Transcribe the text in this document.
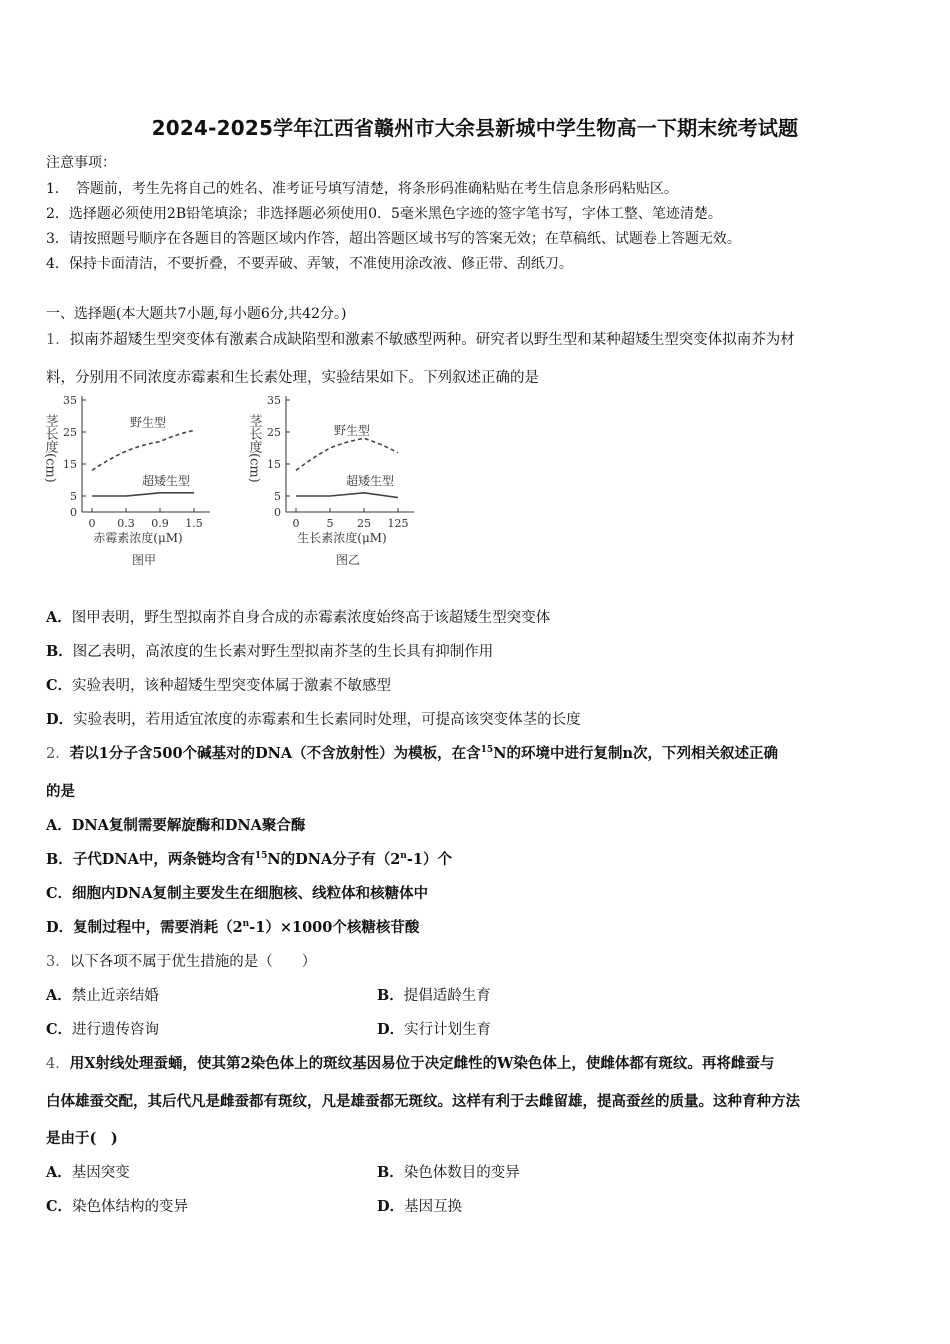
2024-2025学年江西省赣州市大余县新城中学生物高一下期末统考试题
注意事项：
1．　答题前，考生先将自己的姓名、准考证号填写清楚，将条形码准确粘贴在考生信息条形码粘贴区。
2．选择题必须使用2B铅笔填涂；非选择题必须使用0．5毫米黑色字迹的签字笔书写，字体工整、笔迹清楚。
3．请按照题号顺序在各题目的答题区域内作答，超出答题区域书写的答案无效；在草稿纸、试题卷上答题无效。
4．保持卡面清洁，不要折叠，不要弄破、弄皱，不准使用涂改液、修正带、刮纸刀。
一、选择题(本大题共7小题,每小题6分,共42分。)
1．拟南芥超矮生型突变体有激素合成缺陷型和激素不敏感型两种。研究者以野生型和某种超矮生型突变体拟南芥为材
料，分别用不同浓度赤霉素和生长素处理，实验结果如下。下列叙述正确的是
0
5
15
25
35
0 0.3 0.9 1.5
茎长度(cm)
赤霉素浓度(μM)
图甲
野生型
超矮生型
0
5
15
25
35
0 5 25 125
茎长度(cm)
生长素浓度(μM)
图乙
野生型
超矮生型
A．图甲表明，野生型拟南芥自身合成的赤霉素浓度始终高于该超矮生型突变体
B．图乙表明，高浓度的生长素对野生型拟南芥茎的生长具有抑制作用
C．实验表明，该种超矮生型突变体属于激素不敏感型
D．实验表明，若用适宜浓度的赤霉素和生长素同时处理，可提高该突变体茎的长度
2．若以1分子含500个碱基对的DNA（不含放射性）为模板，在含$^{15}$N的环境中进行复制n次，下列相关叙述正确
的是
A．DNA复制需要解旋酶和DNA聚合酶
B．子代DNA中，两条链均含有$^{15}$N的DNA分子有（2$^n$-1）个
C．细胞内DNA复制主要发生在细胞核、线粒体和核糖体中
D．复制过程中，需要消耗$(2^n-1)\times 1000$个核糖核苷酸
3．以下各项不属于优生措施的是（　　）
A．禁止近亲结婚	B．提倡适龄生育
C．进行遗传咨询	D．实行计划生育
4．用X射线处理蚕蛹，使其第2染色体上的斑纹基因易位于决定雌性的W染色体上，使雌体都有斑纹。再将雌蚕与
白体雄蚕交配，其后代凡是雌蚕都有斑纹，凡是雄蚕都无斑纹。这样有利于去雌留雄，提高蚕丝的质量。这种育种方法
是由于(　)
A．基因突变	B．染色体数目的变异
C．染色体结构的变异	D．基因互换
